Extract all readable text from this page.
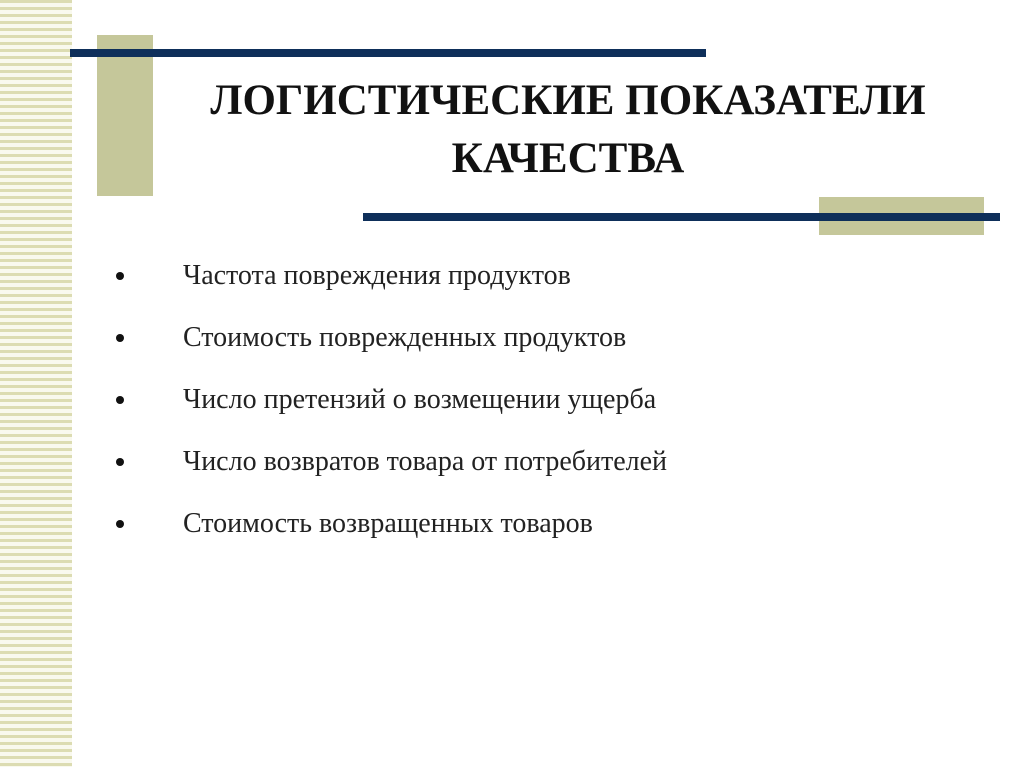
ЛОГИСТИЧЕСКИЕ ПОКАЗАТЕЛИ
КАЧЕСТВА
Частота повреждения продуктов
Стоимость поврежденных продуктов
Число претензий о возмещении ущерба
Число возвратов товара от потребителей
Стоимость возвращенных товаров
